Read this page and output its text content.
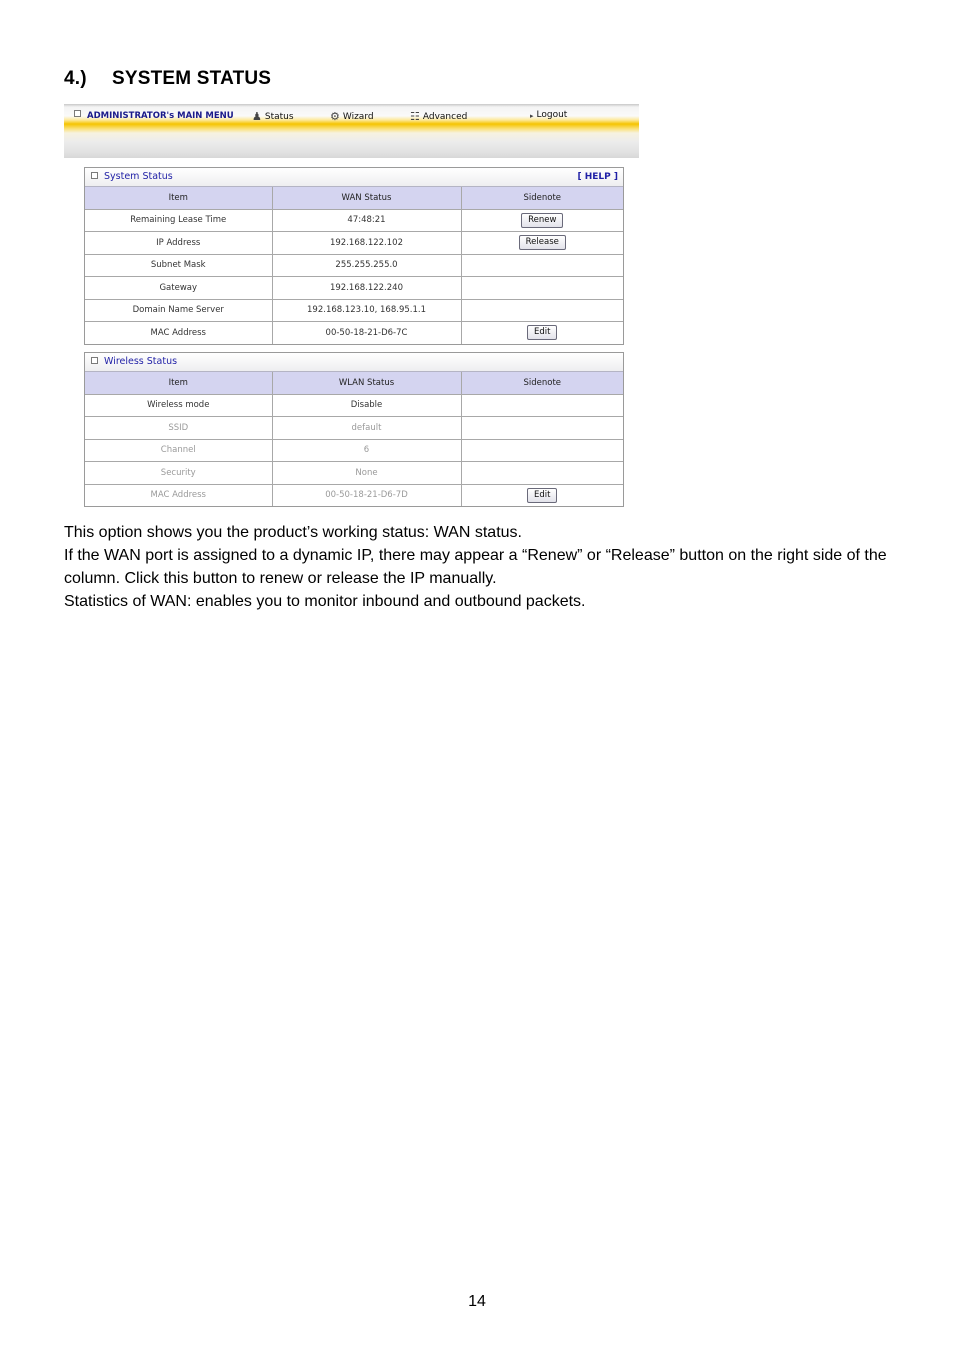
4.) SYSTEM STATUS
ADMINISTRATOR's MAIN MENU ♟ Status	⚙ Wizard	☷ Advanced	▸ Logout
System Status	[ HELP ]
Item	WAN Status	Sidenote
Remaining Lease Time	47:48:21	Renew
IP Address	192.168.122.102	Release
Subnet Mask	255.255.255.0	
Gateway	192.168.122.240	
Domain Name Server	192.168.123.10, 168.95.1.1	
MAC Address	00-50-18-21-D6-7C	Edit
Wireless Status
Item	WLAN Status	Sidenote
Wireless mode	Disable	
SSID	default	
Channel	6	
Security	None	
MAC Address	00-50-18-21-D6-7D	Edit

This option shows you the product’s working status: WAN status.

If the WAN port is assigned to a dynamic IP, there may appear a “Renew” or “Release” button on the right side of the column. Click this button to renew or release the IP manually.

Statistics of WAN: enables you to monitor inbound and outbound packets.

14
